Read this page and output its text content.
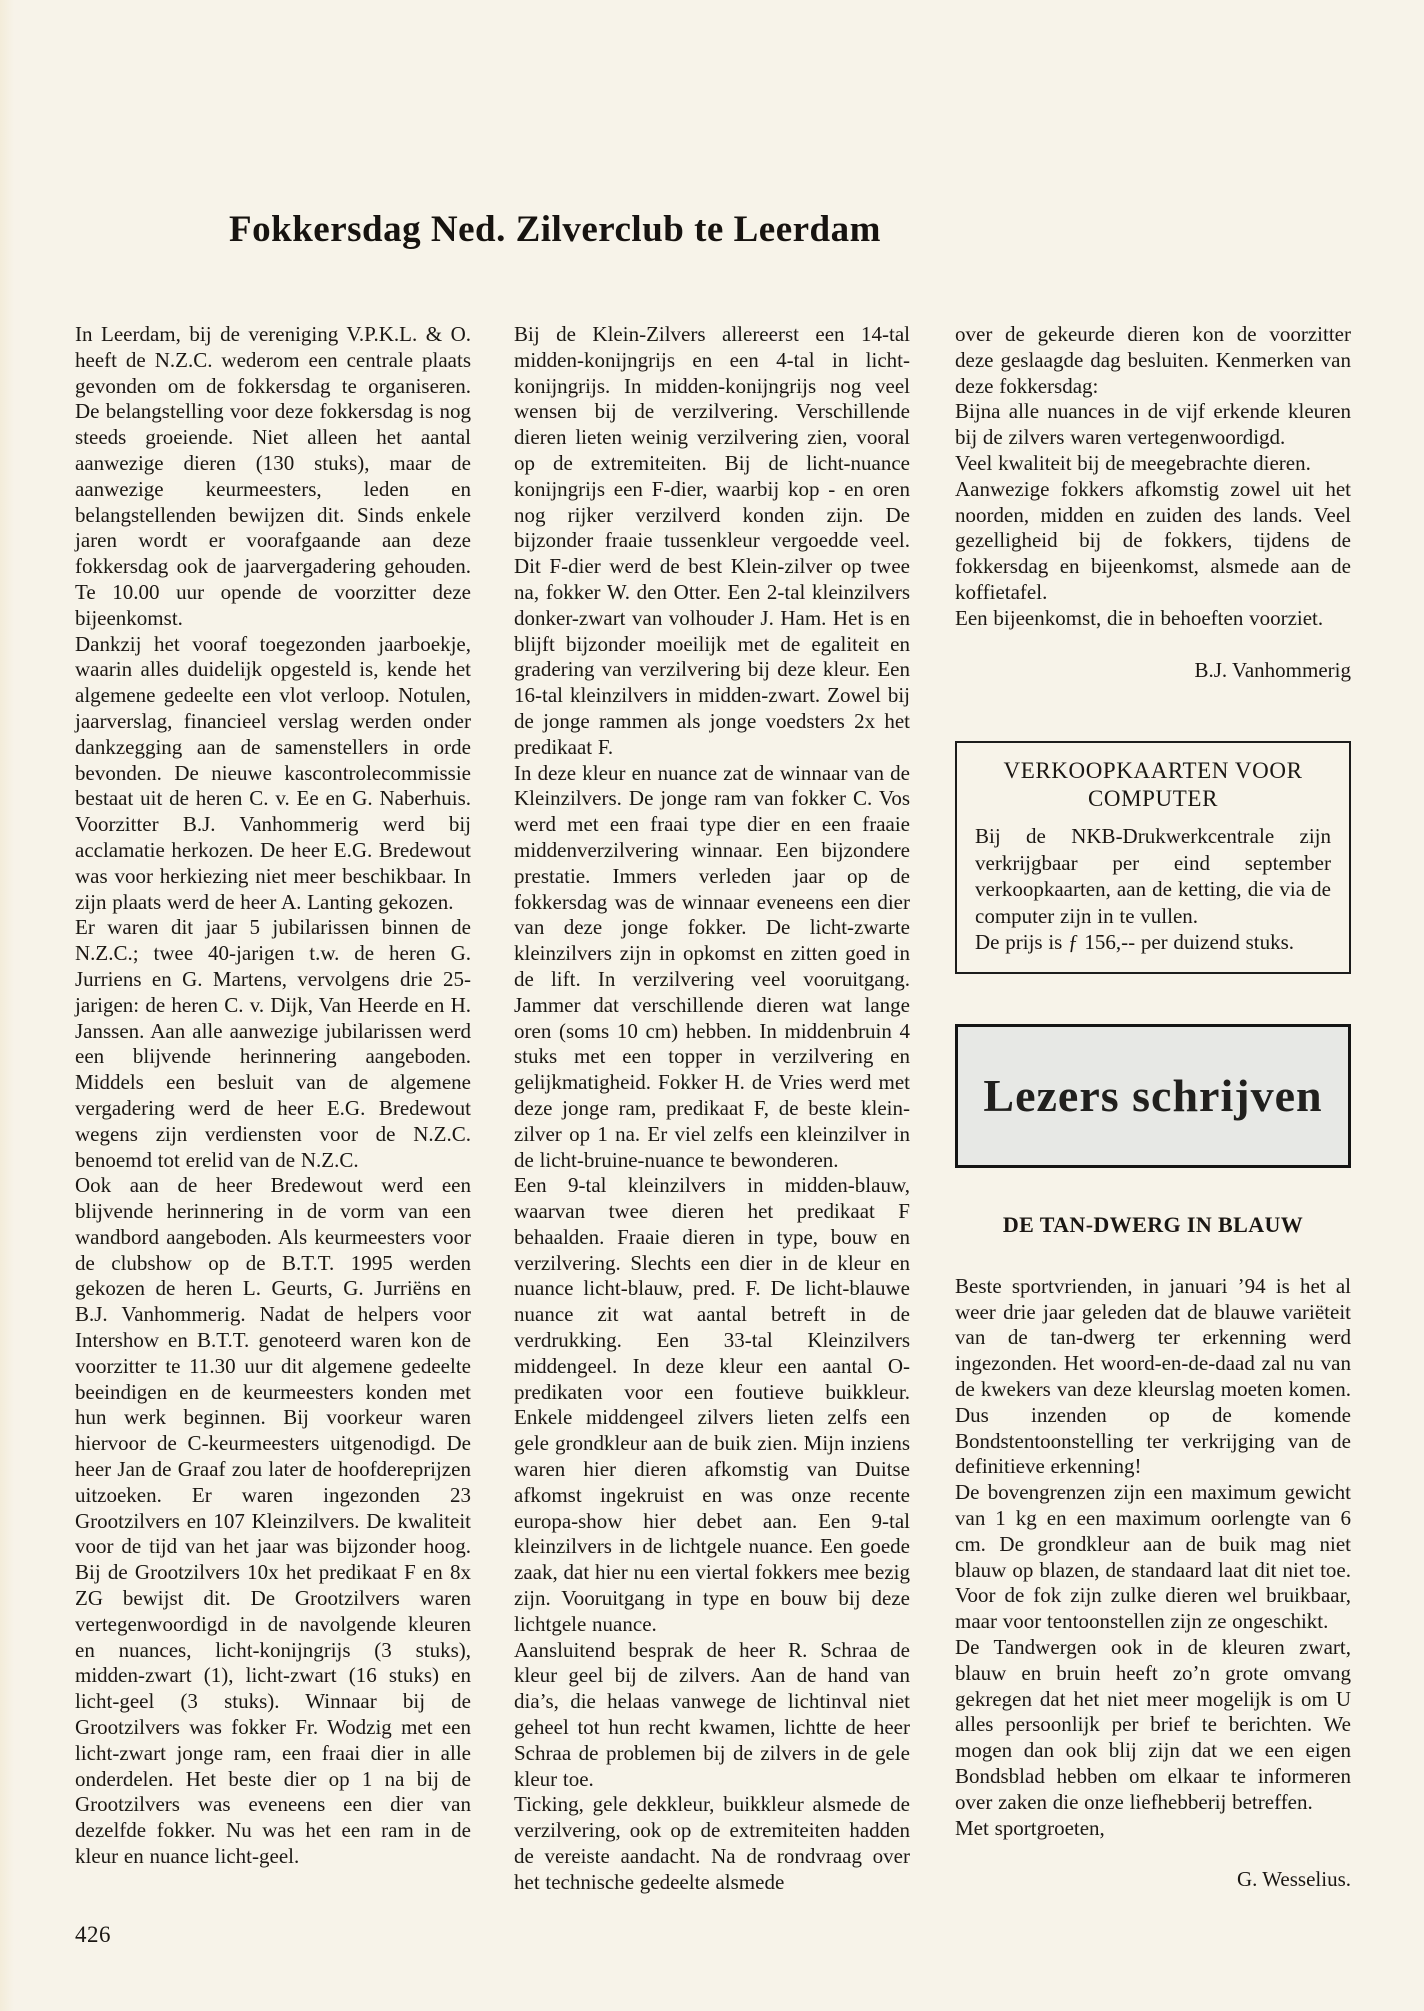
Fokkersdag Ned. Zilverclub te Leerdam

In Leerdam, bij de vereniging V.P.K.L. & O. heeft de N.Z.C. wederom een centrale plaats gevonden om de fokkersdag te organiseren. De belangstelling voor deze fokkersdag is nog steeds groeiende. Niet alleen het aantal aanwezige dieren (130 stuks), maar de aanwezige keurmeesters, leden en belangstellenden bewijzen dit. Sinds enkele jaren wordt er voorafgaande aan deze fokkersdag ook de jaarvergadering gehouden. Te 10.00 uur opende de voorzitter deze bijeenkomst.

Dankzij het vooraf toegezonden jaarboekje, waarin alles duidelijk opgesteld is, kende het algemene gedeelte een vlot verloop. Notulen, jaarverslag, financieel verslag werden onder dankzegging aan de samenstellers in orde bevonden. De nieuwe kascontrolecommissie bestaat uit de heren C. v. Ee en G. Naberhuis. Voorzitter B.J. Vanhommerig werd bij acclamatie herkozen. De heer E.G. Bredewout was voor herkiezing niet meer beschikbaar. In zijn plaats werd de heer A. Lanting gekozen.

Er waren dit jaar 5 jubilarissen binnen de N.Z.C.; twee 40-jarigen t.w. de heren G. Jurriens en G. Martens, vervolgens drie 25-jarigen: de heren C. v. Dijk, Van Heerde en H. Janssen. Aan alle aanwezige jubilarissen werd een blijvende herinnering aangeboden. Middels een besluit van de algemene vergadering werd de heer E.G. Bredewout wegens zijn verdiensten voor de N.Z.C. benoemd tot erelid van de N.Z.C.

Ook aan de heer Bredewout werd een blijvende herinnering in de vorm van een wandbord aangeboden. Als keurmeesters voor de clubshow op de B.T.T. 1995 werden gekozen de heren L. Geurts, G. Jurriëns en B.J. Vanhommerig. Nadat de helpers voor Intershow en B.T.T. genoteerd waren kon de voorzitter te 11.30 uur dit algemene gedeelte beeindigen en de keurmeesters konden met hun werk beginnen. Bij voorkeur waren hiervoor de C-keurmeesters uitgenodigd. De heer Jan de Graaf zou later de hoofdereprijzen uitzoeken. Er waren ingezonden 23 Grootzilvers en 107 Kleinzilvers. De kwaliteit voor de tijd van het jaar was bijzonder hoog. Bij de Grootzilvers 10x het predikaat F en 8x ZG bewijst dit. De Grootzilvers waren vertegenwoordigd in de navolgende kleuren en nuances, licht-konijngrijs (3 stuks), midden-zwart (1), licht-zwart (16 stuks) en licht-geel (3 stuks). Winnaar bij de Grootzilvers was fokker Fr. Wodzig met een licht-zwart jonge ram, een fraai dier in alle onderdelen. Het beste dier op 1 na bij de Grootzilvers was eveneens een dier van dezelfde fokker. Nu was het een ram in de kleur en nuance licht-geel.

Bij de Klein-Zilvers allereerst een 14-tal midden-konijngrijs en een 4-tal in licht-konijngrijs. In midden-konijngrijs nog veel wensen bij de verzilvering. Verschillende dieren lieten weinig verzilvering zien, vooral op de extremiteiten. Bij de licht-nuance konijngrijs een F-dier, waarbij kop - en oren nog rijker verzilverd konden zijn. De bijzonder fraaie tussenkleur vergoedde veel. Dit F-dier werd de best Klein-zilver op twee na, fokker W. den Otter. Een 2-tal kleinzilvers donker-zwart van volhouder J. Ham. Het is en blijft bijzonder moeilijk met de egaliteit en gradering van verzilvering bij deze kleur. Een 16-tal kleinzilvers in midden-zwart. Zowel bij de jonge rammen als jonge voedsters 2x het predikaat F.

In deze kleur en nuance zat de winnaar van de Kleinzilvers. De jonge ram van fokker C. Vos werd met een fraai type dier en een fraaie middenverzilvering winnaar. Een bijzondere prestatie. Immers verleden jaar op de fokkersdag was de winnaar eveneens een dier van deze jonge fokker. De licht-zwarte kleinzilvers zijn in opkomst en zitten goed in de lift. In verzilvering veel vooruitgang. Jammer dat verschillende dieren wat lange oren (soms 10 cm) hebben. In middenbruin 4 stuks met een topper in verzilvering en gelijkmatigheid. Fokker H. de Vries werd met deze jonge ram, predikaat F, de beste klein-zilver op 1 na. Er viel zelfs een kleinzilver in de licht-bruine-nuance te bewonderen.

Een 9-tal kleinzilvers in midden-blauw, waarvan twee dieren het predikaat F behaalden. Fraaie dieren in type, bouw en verzilvering. Slechts een dier in de kleur en nuance licht-blauw, pred. F. De licht-blauwe nuance zit wat aantal betreft in de verdrukking. Een 33-tal Kleinzilvers middengeel. In deze kleur een aantal O-predikaten voor een foutieve buikkleur. Enkele middengeel zilvers lieten zelfs een gele grondkleur aan de buik zien. Mijn inziens waren hier dieren afkomstig van Duitse afkomst ingekruist en was onze recente europa-show hier debet aan. Een 9-tal kleinzilvers in de lichtgele nuance. Een goede zaak, dat hier nu een viertal fokkers mee bezig zijn. Vooruitgang in type en bouw bij deze lichtgele nuance.

Aansluitend besprak de heer R. Schraa de kleur geel bij de zilvers. Aan de hand van dia’s, die helaas vanwege de lichtinval niet geheel tot hun recht kwamen, lichtte de heer Schraa de problemen bij de zilvers in de gele kleur toe.

Ticking, gele dekkleur, buikkleur alsmede de verzilvering, ook op de extremiteiten hadden de vereiste aandacht. Na de rondvraag over het technische gedeelte alsmede

over de gekeurde dieren kon de voorzitter deze geslaagde dag besluiten. Kenmerken van deze fokkersdag:

Bijna alle nuances in de vijf erkende kleuren bij de zilvers waren vertegenwoordigd.

Veel kwaliteit bij de meegebrachte dieren.

Aanwezige fokkers afkomstig zowel uit het noorden, midden en zuiden des lands. Veel gezelligheid bij de fokkers, tijdens de fokkersdag en bijeenkomst, alsmede aan de koffietafel.

Een bijeenkomst, die in behoeften voorziet.

B.J. Vanhommerig
VERKOOPKAARTEN VOOR
COMPUTER

Bij de NKB-Drukwerkcentrale zijn verkrijgbaar per eind september verkoopkaarten, aan de ketting, die via de computer zijn in te vullen.

De prijs is ƒ 156,-- per duizend stuks.

Lezers schrijven
DE TAN-DWERG IN BLAUW

Beste sportvrienden, in januari ’94 is het al weer drie jaar geleden dat de blauwe variëteit van de tan-dwerg ter erkenning werd ingezonden. Het woord-en-de-daad zal nu van de kwekers van deze kleurslag moeten komen. Dus inzenden op de komende Bondstentoonstelling ter verkrijging van de definitieve erkenning!

De bovengrenzen zijn een maximum gewicht van 1 kg en een maximum oorlengte van 6 cm. De grondkleur aan de buik mag niet blauw op blazen, de standaard laat dit niet toe. Voor de fok zijn zulke dieren wel bruikbaar, maar voor tentoonstellen zijn ze ongeschikt.

De Tandwergen ook in de kleuren zwart, blauw en bruin heeft zo’n grote omvang gekregen dat het niet meer mogelijk is om U alles persoonlijk per brief te berichten. We mogen dan ook blij zijn dat we een eigen Bondsblad hebben om elkaar te informeren over zaken die onze liefhebberij betreffen.

Met sportgroeten,

G. Wesselius.
426
